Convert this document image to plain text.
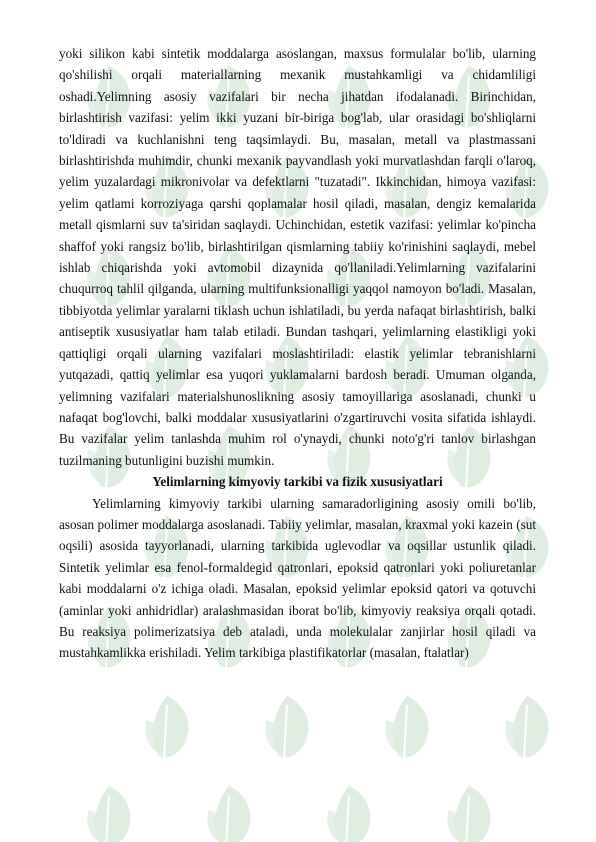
yoki silikon kabi sintetik moddalarga asoslangan, maxsus formulalar bo'lib, ularning qo'shilishi orqali materiallarning mexanik mustahkamligi va chidamliligi oshadi.Yelimning asosiy vazifalari bir necha jihatdan ifodalanadi. Birinchidan, birlashtirish vazifasi: yelim ikki yuzani bir-biriga bog'lab, ular orasidagi bo'shliqlarni to'ldiradi va kuchlanishni teng taqsimlaydi. Bu, masalan, metall va plastmassani birlashtirishda muhimdir, chunki mexanik payvandlash yoki murvatlashdan farqli o'laroq, yelim yuzalardagi mikronivolar va defektlarni "tuzatadi". Ikkinchidan, himoya vazifasi: yelim qatlami korroziyaga qarshi qoplamalar hosil qiladi, masalan, dengiz kemalarida metall qismlarni suv ta'siridan saqlaydi. Uchinchidan, estetik vazifasi: yelimlar ko'pincha shaffof yoki rangsiz bo'lib, birlashtirilgan qismlarning tabiiy ko'rinishini saqlaydi, mebel ishlab chiqarishda yoki avtomobil dizaynida qo'llaniladi.Yelimlarning vazifalarini chuqurroq tahlil qilganda, ularning multifunksionalligi yaqqol namoyon bo'ladi. Masalan, tibbiyotda yelimlar yaralarni tiklash uchun ishlatiladi, bu yerda nafaqat birlashtirish, balki antiseptik xususiyatlar ham talab etiladi. Bundan tashqari, yelimlarning elastikligi yoki qattiqligi orqali ularning vazifalari moslashtiriladi: elastik yelimlar tebranishlarni yutqazadi, qattiq yelimlar esa yuqori yuklamalarni bardosh beradi. Umuman olganda, yelimning vazifalari materialshunoslikning asosiy tamoyillariga asoslanadi, chunki u nafaqat bog'lovchi, balki moddalar xususiyatlarini o'zgartiruvchi vosita sifatida ishlaydi. Bu vazifalar yelim tanlashda muhim rol o'ynaydi, chunki noto'g'ri tanlov birlashgan tuzilmaning butunligini buzishi mumkin.

Yelimlarning kimyoviy tarkibi va fizik xususiyatlari

Yelimlarning kimyoviy tarkibi ularning samaradorligining asosiy omili bo'lib, asosan polimer moddalarga asoslanadi. Tabiiy yelimlar, masalan, kraxmal yoki kazein (sut oqsili) asosida tayyorlanadi, ularning tarkibida uglevodlar va oqsillar ustunlik qiladi. Sintetik yelimlar esa fenol-formaldegid qatronlari, epoksid qatronlari yoki poliuretanlar kabi moddalarni o'z ichiga oladi. Masalan, epoksid yelimlar epoksid qatori va qotuvchi (aminlar yoki anhidridlar) aralashmasidan iborat bo'lib, kimyoviy reaksiya orqali qotadi. Bu reaksiya polimerizatsiya deb ataladi, unda molekulalar zanjirlar hosil qiladi va mustahkamlikka erishiladi. Yelim tarkibiga plastifikatorlar (masalan, ftalatlar)
